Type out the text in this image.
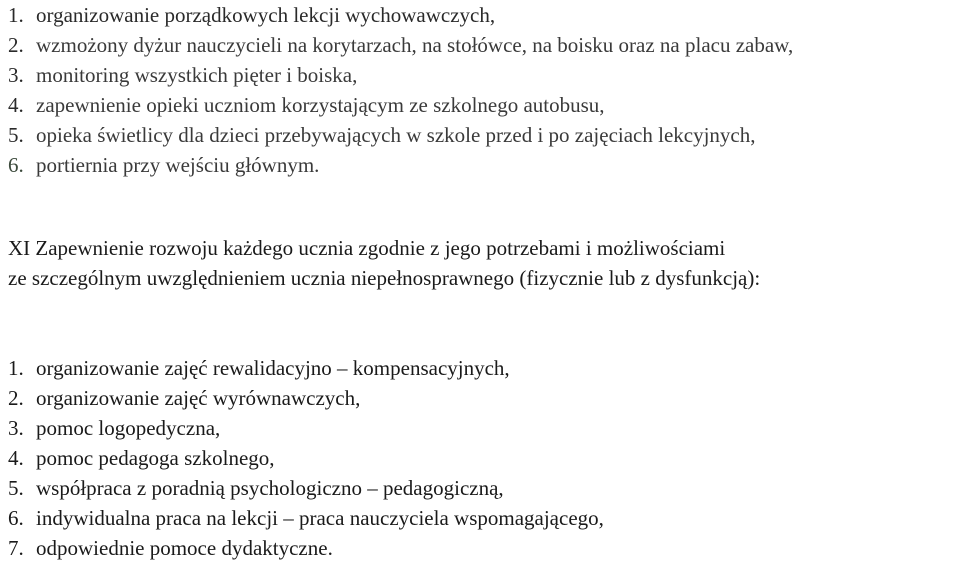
1. organizowanie porządkowych lekcji wychowawczych,
2. wzmożony dyżur nauczycieli na korytarzach, na stołówce, na boisku oraz na placu zabaw,
3. monitoring wszystkich pięter i boiska,
4. zapewnienie opieki uczniom korzystającym ze szkolnego autobusu,
5. opieka świetlicy dla dzieci przebywających w szkole przed i po zajęciach lekcyjnych,
6. portiernia przy wejściu głównym.
XI Zapewnienie rozwoju każdego ucznia zgodnie z jego potrzebami i możliwościami
ze szczególnym uwzględnieniem ucznia niepełnosprawnego (fizycznie lub z dysfunkcją):
1. organizowanie zajęć rewalidacyjno – kompensacyjnych,
2. organizowanie zajęć wyrównawczych,
3. pomoc logopedyczna,
4. pomoc pedagoga szkolnego,
5. współpraca z poradnią psychologiczno – pedagogiczną,
6. indywidualna praca na lekcji – praca nauczyciela wspomagającego,
7. odpowiednie pomoce dydaktyczne.
